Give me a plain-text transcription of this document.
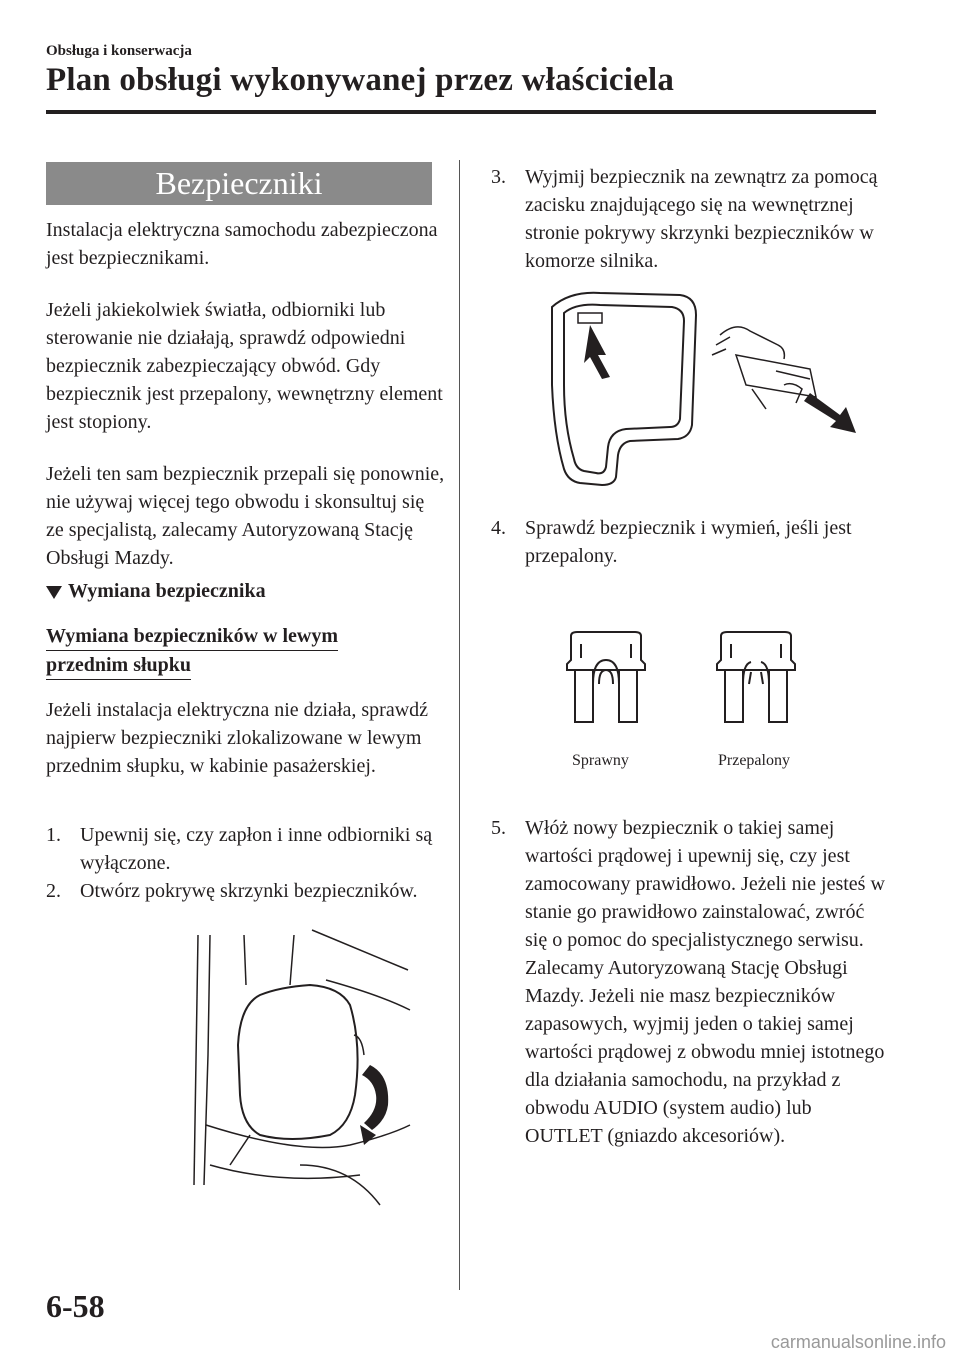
Obsługa i konserwacja
Plan obsługi wykonywanej przez właściciela
Bezpieczniki

Instalacja elektryczna samochodu zabezpieczona jest bezpiecznikami.

Jeżeli jakiekolwiek światła, odbiorniki lub sterowanie nie działają, sprawdź odpowiedni bezpiecznik zabezpieczający obwód. Gdy bezpiecznik jest przepalony, wewnętrzny element jest stopiony.

Jeżeli ten sam bezpiecznik przepali się ponownie, nie używaj więcej tego obwodu i skonsultuj się ze specjalistą, zalecamy Autoryzowaną Stację Obsługi Mazdy.

Wymiana bezpiecznika
Wymiana bezpieczników w lewym
przednim słupku

Jeżeli instalacja elektryczna nie działa, sprawdź najpierw bezpieczniki zlokalizowane w lewym przednim słupku, w kabinie pasażerskiej.

1. Upewnij się, czy zapłon i inne odbiorniki są wyłączone.
2. Otwórz pokrywę skrzynki bezpieczników.
3. Wyjmij bezpiecznik na zewnątrz za pomocą zacisku znajdującego się na wewnętrznej stronie pokrywy skrzynki bezpieczników w komorze silnika.
4. Sprawdź bezpiecznik i wymień, jeśli jest przepalony.
Sprawny	Przepalony
5. Włóż nowy bezpiecznik o takiej samej wartości prądowej i upewnij się, czy jest zamocowany prawidłowo. Jeżeli nie jesteś w stanie go prawidłowo zainstalować, zwróć się o pomoc do specjalistycznego serwisu. Zalecamy Autoryzowaną Stację Obsługi Mazdy. Jeżeli nie masz bezpieczników zapasowych, wyjmij jeden o takiej samej wartości prądowej z obwodu mniej istotnego dla działania samochodu, na przykład z obwodu AUDIO (system audio) lub OUTLET (gniazdo akcesoriów).
6-58
carmanualsonline.info
